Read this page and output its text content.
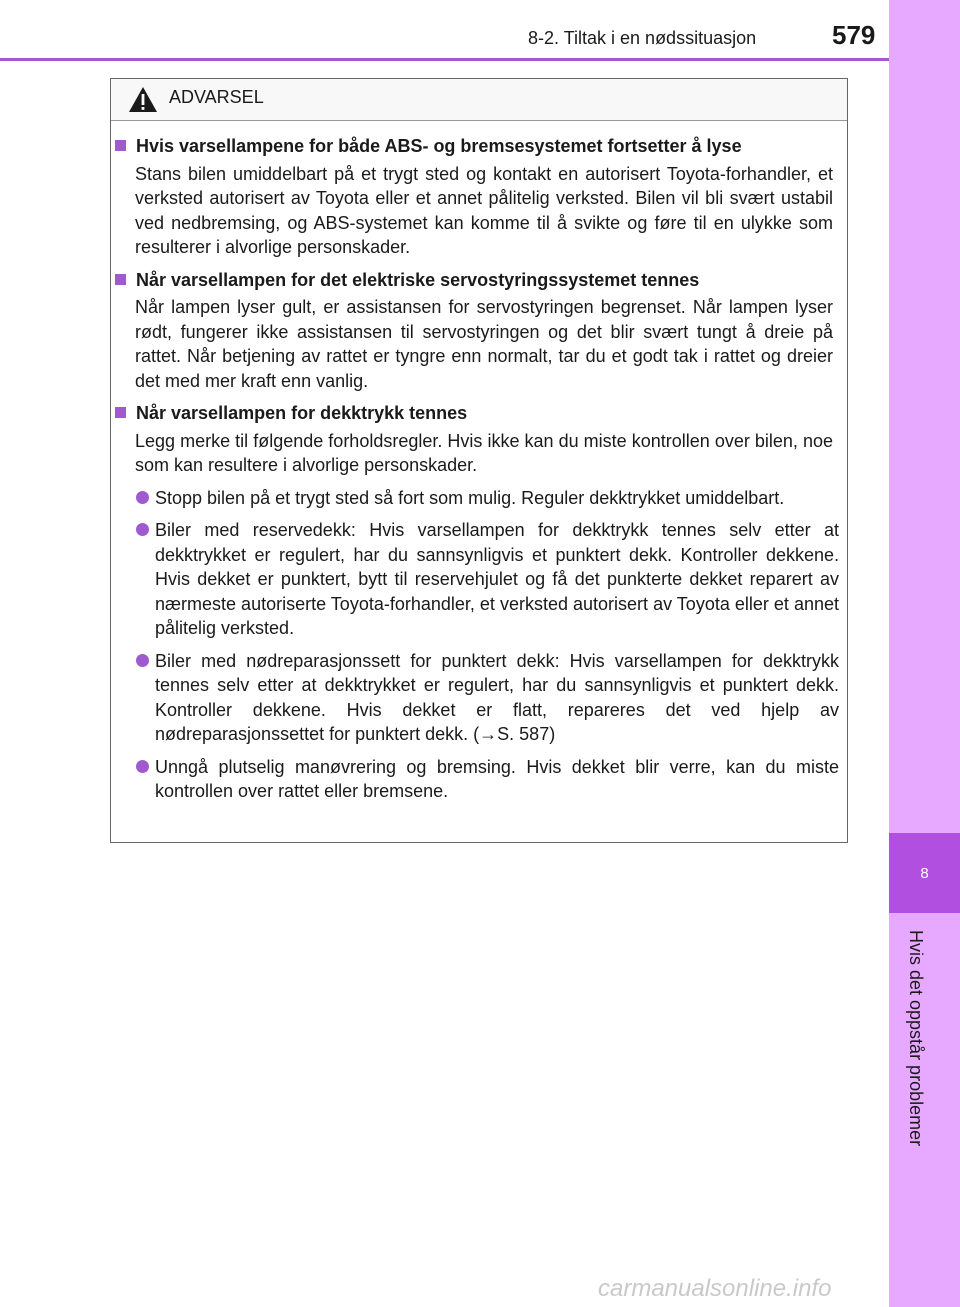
8
Hvis det oppstår problemer
8-2. Tiltak i en nødssituasjon	579
ADVARSEL
Hvis varsellampene for både ABS- og bremsesystemet fortsetter å lyse
Stans bilen umiddelbart på et trygt sted og kontakt en autorisert Toyota-forhandler, et verksted autorisert av Toyota eller et annet pålitelig verksted. Bilen vil bli svært ustabil ved nedbremsing, og ABS-systemet kan komme til å svikte og føre til en ulykke som resulterer i alvorlige personskader.
Når varsellampen for det elektriske servostyringssystemet tennes
Når lampen lyser gult, er assistansen for servostyringen begrenset. Når lampen lyser rødt, fungerer ikke assistansen til servostyringen og det blir svært tungt å dreie på rattet. Når betjening av rattet er tyngre enn normalt, tar du et godt tak i rattet og dreier det med mer kraft enn vanlig.
Når varsellampen for dekktrykk tennes
Legg merke til følgende forholdsregler. Hvis ikke kan du miste kontrollen over bilen, noe som kan resultere i alvorlige personskader.
Stopp bilen på et trygt sted så fort som mulig. Reguler dekktrykket umiddelbart.
Biler med reservedekk: Hvis varsellampen for dekktrykk tennes selv etter at dekktrykket er regulert, har du sannsynligvis et punktert dekk. Kontroller dekkene. Hvis dekket er punktert, bytt til reservehjulet og få det punkterte dekket reparert av nærmeste autoriserte Toyota-forhandler, et verksted autorisert av Toyota eller et annet pålitelig verksted.
Biler med nødreparasjonssett for punktert dekk: Hvis varsellampen for dekktrykk tennes selv etter at dekktrykket er regulert, har du sannsynligvis et punktert dekk. Kontroller dekkene. Hvis dekket er flatt, repareres det ved hjelp av nødreparasjonssettet for punktert dekk. (→S. 587)
Unngå plutselig manøvrering og bremsing. Hvis dekket blir verre, kan du miste kontrollen over rattet eller bremsene.
carmanualsonline.info
